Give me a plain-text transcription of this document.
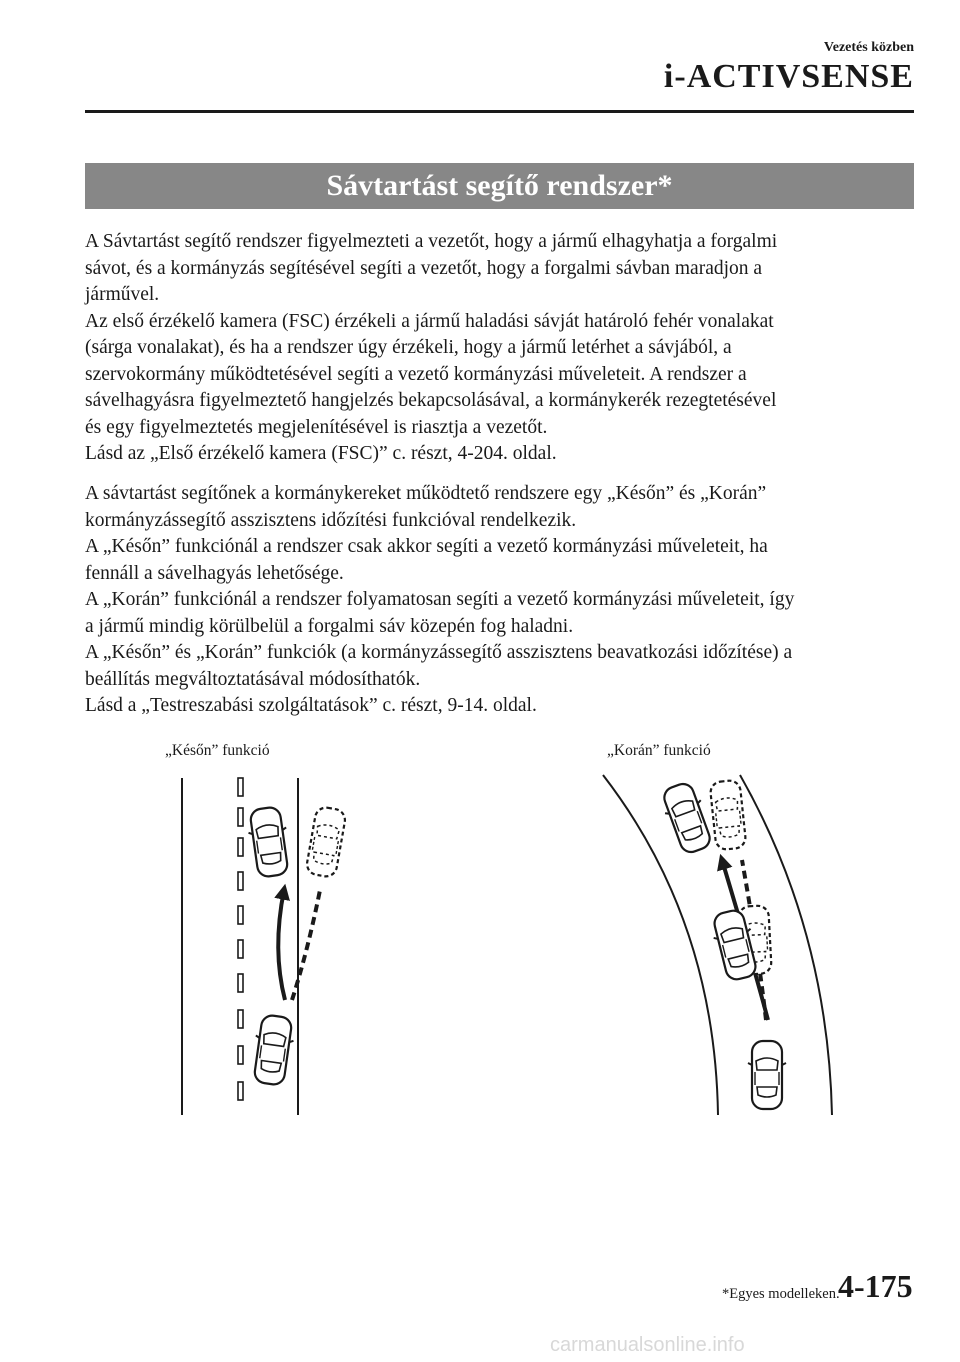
Vezetés közben
i-ACTIVSENSE
Sávtartást segítő rendszer*

A Sávtartást segítő rendszer figyelmezteti a vezetőt, hogy a jármű elhagyhatja a forgalmi

sávot, és a kormányzás segítésével segíti a vezetőt, hogy a forgalmi sávban maradjon a

járművel.

Az első érzékelő kamera (FSC) érzékeli a jármű haladási sávját határoló fehér vonalakat

(sárga vonalakat), és ha a rendszer úgy érzékeli, hogy a jármű letérhet a sávjából, a

szervokormány működtetésével segíti a vezető kormányzási műveleteit. A rendszer a

sávelhagyásra figyelmeztető hangjelzés bekapcsolásával, a kormánykerék rezegtetésével

és egy figyelmeztetés megjelenítésével is riasztja a vezetőt.

Lásd az „Első érzékelő kamera (FSC)” c. részt, 4-204. oldal.

A sávtartást segítőnek a kormánykereket működtető rendszere egy „Későn” és „Korán”

kormányzássegítő asszisztens időzítési funkcióval rendelkezik.

A „Későn” funkciónál a rendszer csak akkor segíti a vezető kormányzási műveleteit, ha

fennáll a sávelhagyás lehetősége.

A „Korán” funkciónál a rendszer folyamatosan segíti a vezető kormányzási műveleteit, így

a jármű mindig körülbelül a forgalmi sáv közepén fog haladni.

A „Későn” és „Korán” funkciók (a kormányzássegítő asszisztens beavatkozási időzítése) a

beállítás megváltoztatásával módosíthatók.

Lásd a „Testreszabási szolgáltatások” c. részt, 9-14. oldal.

„Későn” funkció	„Korán” funkció
*Egyes modelleken.
4-175
carmanualsonline.info
